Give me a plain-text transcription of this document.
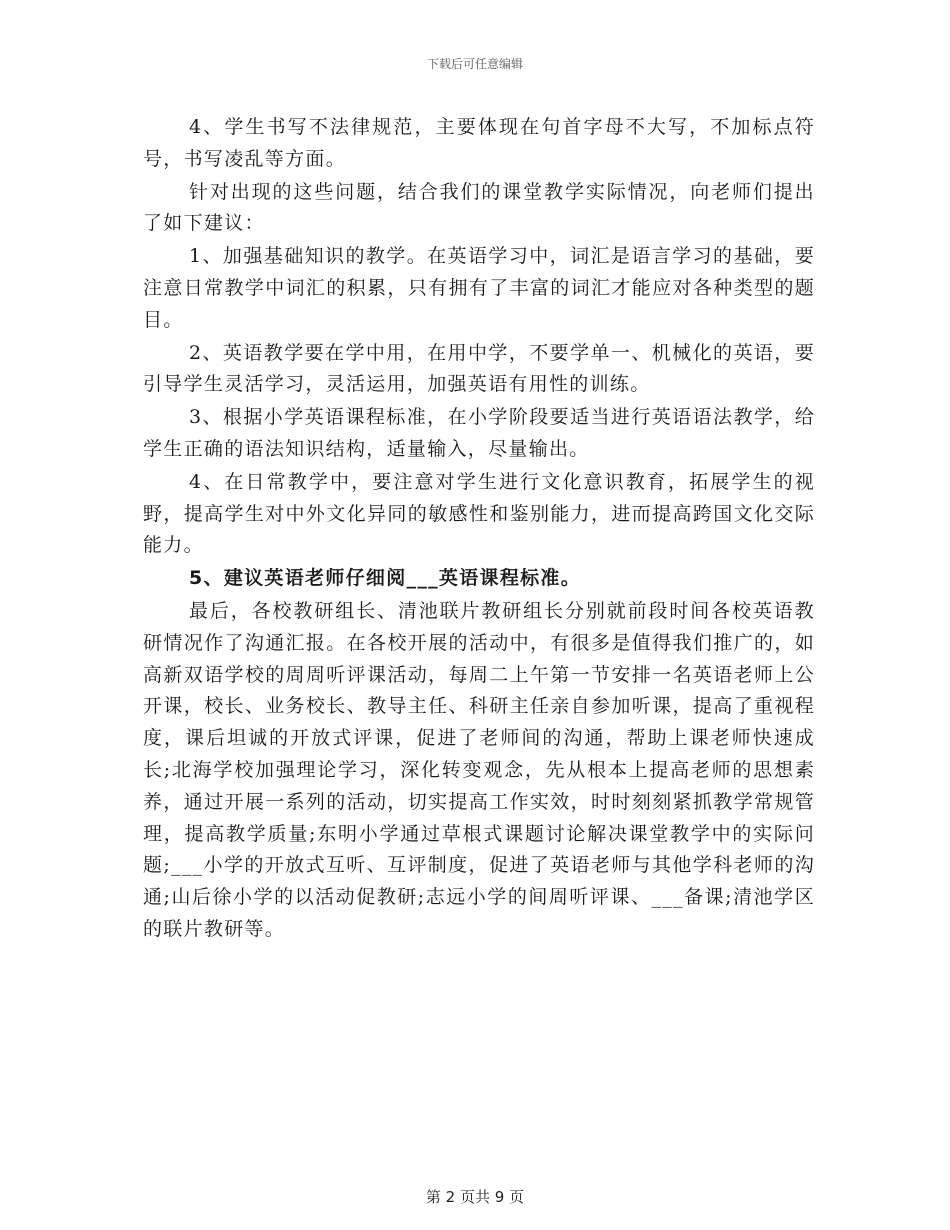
下载后可任意编辑

4、学生书写不法律规范，主要体现在句首字母不大写，不加标点符号，书写凌乱等方面。

针对出现的这些问题，结合我们的课堂教学实际情况，向老师们提出了如下建议：

1、加强基础知识的教学。在英语学习中，词汇是语言学习的基础，要注意日常教学中词汇的积累，只有拥有了丰富的词汇才能应对各种类型的题目。

2、英语教学要在学中用，在用中学，不要学单一、机械化的英语，要引导学生灵活学习，灵活运用，加强英语有用性的训练。

3、根据小学英语课程标准，在小学阶段要适当进行英语语法教学，给学生正确的语法知识结构，适量输入，尽量输出。

4、在日常教学中，要注意对学生进行文化意识教育，拓展学生的视野，提高学生对中外文化异同的敏感性和鉴别能力，进而提高跨国文化交际能力。

5、建议英语老师仔细阅___英语课程标准。

最后，各校教研组长、清池联片教研组长分别就前段时间各校英语教研情况作了沟通汇报。在各校开展的活动中，有很多是值得我们推广的，如高新双语学校的周周听评课活动，每周二上午第一节安排一名英语老师上公开课，校长、业务校长、教导主任、科研主任亲自参加听课，提高了重视程度，课后坦诚的开放式评课，促进了老师间的沟通，帮助上课老师快速成长;北海学校加强理论学习，深化转变观念，先从根本上提高老师的思想素养，通过开展一系列的活动，切实提高工作实效，时时刻刻紧抓教学常规管理，提高教学质量;东明小学通过草根式课题讨论解决课堂教学中的实际问题;___小学的开放式互听、互评制度，促进了英语老师与其他学科老师的沟通;山后徐小学的以活动促教研;志远小学的间周听评课、___备课;清池学区的联片教研等。

第 2 页共 9 页
